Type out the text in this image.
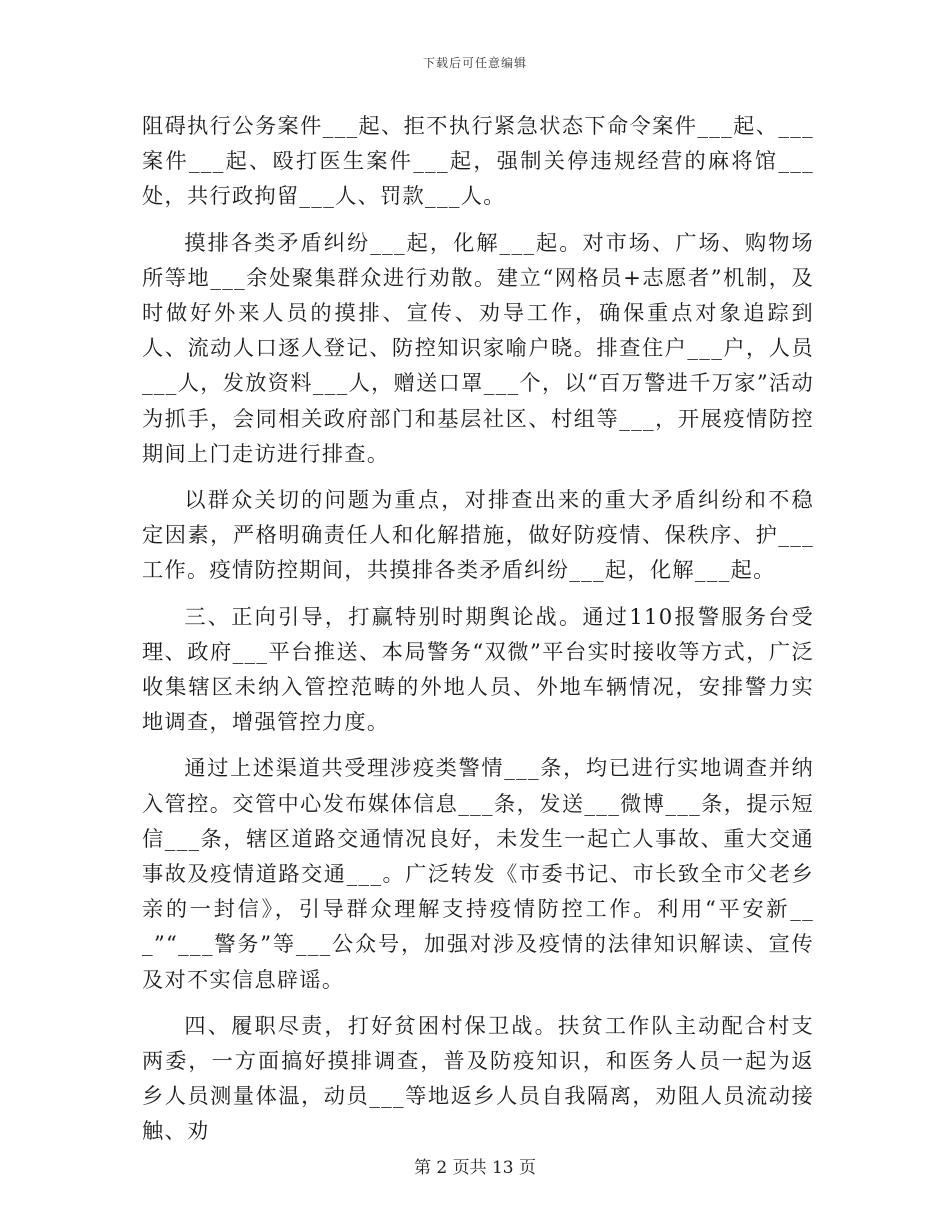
下载后可任意编辑

阻碍执行公务案件___起、拒不执行紧急状态下命令案件___起、___案件___起、殴打医生案件___起，强制关停违规经营的麻将馆___处，共行政拘留___人、罚款___人。

摸排各类矛盾纠纷___起，化解___起。对市场、广场、购物场所等地___余处聚集群众进行劝散。建立“网格员+志愿者”机制，及时做好外来人员的摸排、宣传、劝导工作，确保重点对象追踪到人、流动人口逐人登记、防控知识家喻户晓。排查住户___户，人员___人，发放资料___人，赠送口罩___个，以“百万警进千万家”活动为抓手，会同相关政府部门和基层社区、村组等___，开展疫情防控期间上门走访进行排查。

以群众关切的问题为重点，对排查出来的重大矛盾纠纷和不稳定因素，严格明确责任人和化解措施，做好防疫情、保秩序、护___工作。疫情防控期间，共摸排各类矛盾纠纷___起，化解___起。

三、正向引导，打赢特别时期舆论战。通过110报警服务台受理、政府___平台推送、本局警务“双微”平台实时接收等方式，广泛收集辖区未纳入管控范畴的外地人员、外地车辆情况，安排警力实地调查，增强管控力度。

通过上述渠道共受理涉疫类警情___条，均已进行实地调查并纳入管控。交管中心发布媒体信息___条，发送___微博___条，提示短信___条，辖区道路交通情况良好，未发生一起亡人事故、重大交通事故及疫情道路交通___。广泛转发《市委书记、市长致全市父老乡亲的一封信》，引导群众理解支持疫情防控工作。利用“平安新___”“___警务”等___公众号，加强对涉及疫情的法律知识解读、宣传及对不实信息辟谣。

四、履职尽责，打好贫困村保卫战。扶贫工作队主动配合村支两委，一方面搞好摸排调查，普及防疫知识，和医务人员一起为返乡人员测量体温，动员___等地返乡人员自我隔离，劝阻人员流动接触、劝

第 2 页共 13 页
